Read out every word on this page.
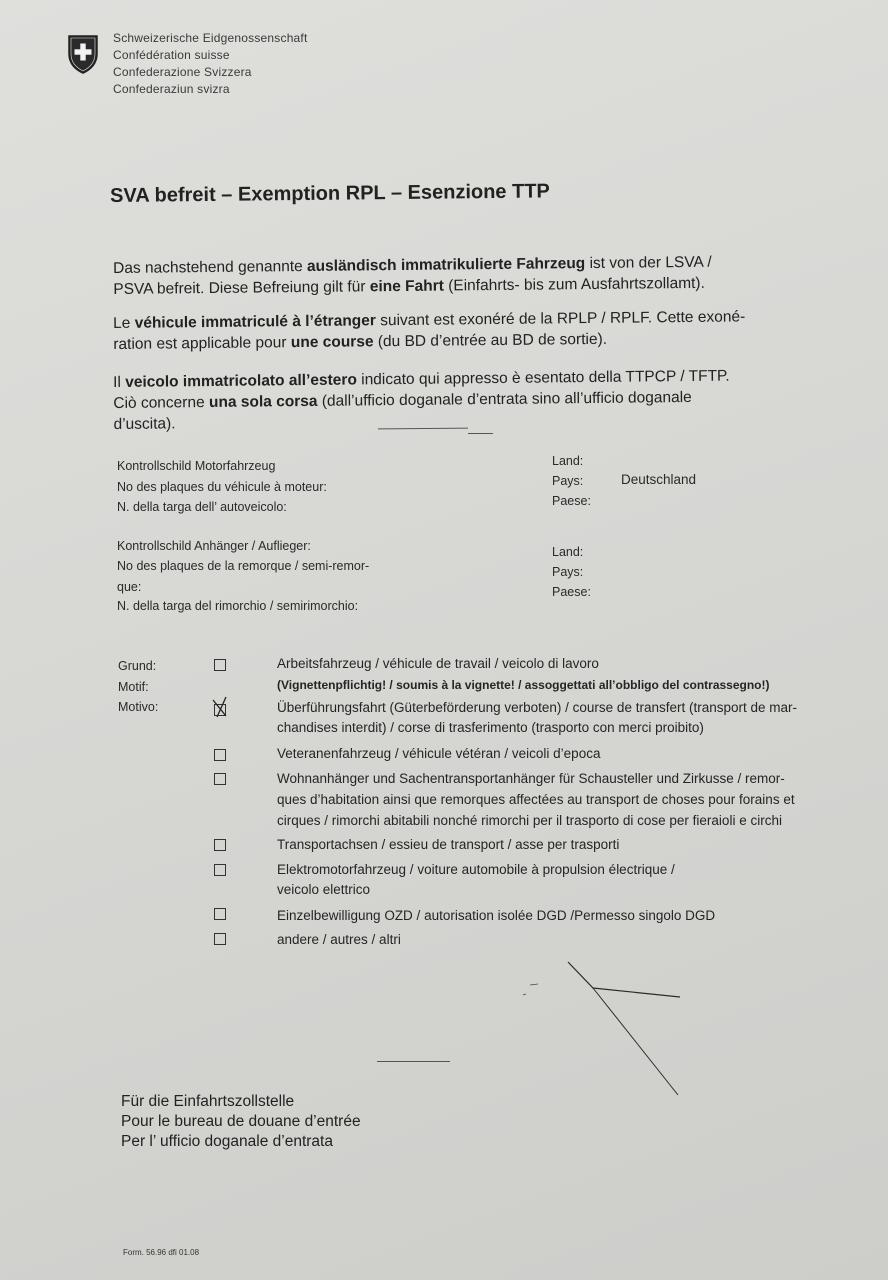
Schweizerische Eidgenossenschaft
Confédération suisse
Confederazione Svizzera
Confederaziun svizra
SVA befreit – Exemption RPL – Esenzione TTP

Das nachstehend genannte ausländisch immatrikulierte Fahrzeug ist von der LSVA /

PSVA befreit. Diese Befreiung gilt für eine Fahrt (Einfahrts- bis zum Ausfahrtszollamt).

Le véhicule immatriculé à l’étranger suivant est exonéré de la RPLP / RPLF. Cette exoné-

ration est applicable pour une course (du BD d’entrée au BD de sortie).

Il veicolo immatricolato all’estero indicato qui appresso è esentato della TTPCP / TFTP.

Ciò concerne una sola corsa (dall’ufficio doganale d’entrata sino all’ufficio doganale

d’uscita).

Kontrollschild Motorfahrzeug
No des plaques du véhicule à moteur:
N. della targa dell’ autoveicolo:
Land:
Pays:
Paese:
Deutschland
Kontrollschild Anhänger / Auflieger:
No des plaques de la remorque / semi-remor-
que:
N. della targa del rimorchio / semirimorchio:
Land:
Pays:
Paese:
Grund:
Motif:
Motivo:
Arbeitsfahrzeug / véhicule de travail / veicolo di lavoro
(Vignettenpflichtig! / soumis à la vignette! / assoggettati all’obbligo del contrassegno!)
Überführungsfahrt (Güterbeförderung verboten) / course de transfert (transport de mar-
chandises interdit) / corse di trasferimento (trasporto con merci proibito)
Veteranenfahrzeug / véhicule vétéran / veicoli d’epoca
Wohnanhänger und Sachentransportanhänger für Schausteller und Zirkusse / remor-
ques d’habitation ainsi que remorques affectées au transport de choses pour forains et
cirques / rimorchi abitabili nonché rimorchi per il trasporto di cose per fieraioli e circhi
Transportachsen / essieu de transport / asse per trasporti
Elektromotorfahrzeug / voiture automobile à propulsion électrique /
veicolo elettrico
Einzelbewilligung OZD / autorisation isolée DGD /Permesso singolo DGD
andere / autres / altri
Für die Einfahrtszollstelle
Pour le bureau de douane d’entrée
Per l’ ufficio doganale d’entrata
Form. 56.96 dfi 01.08
